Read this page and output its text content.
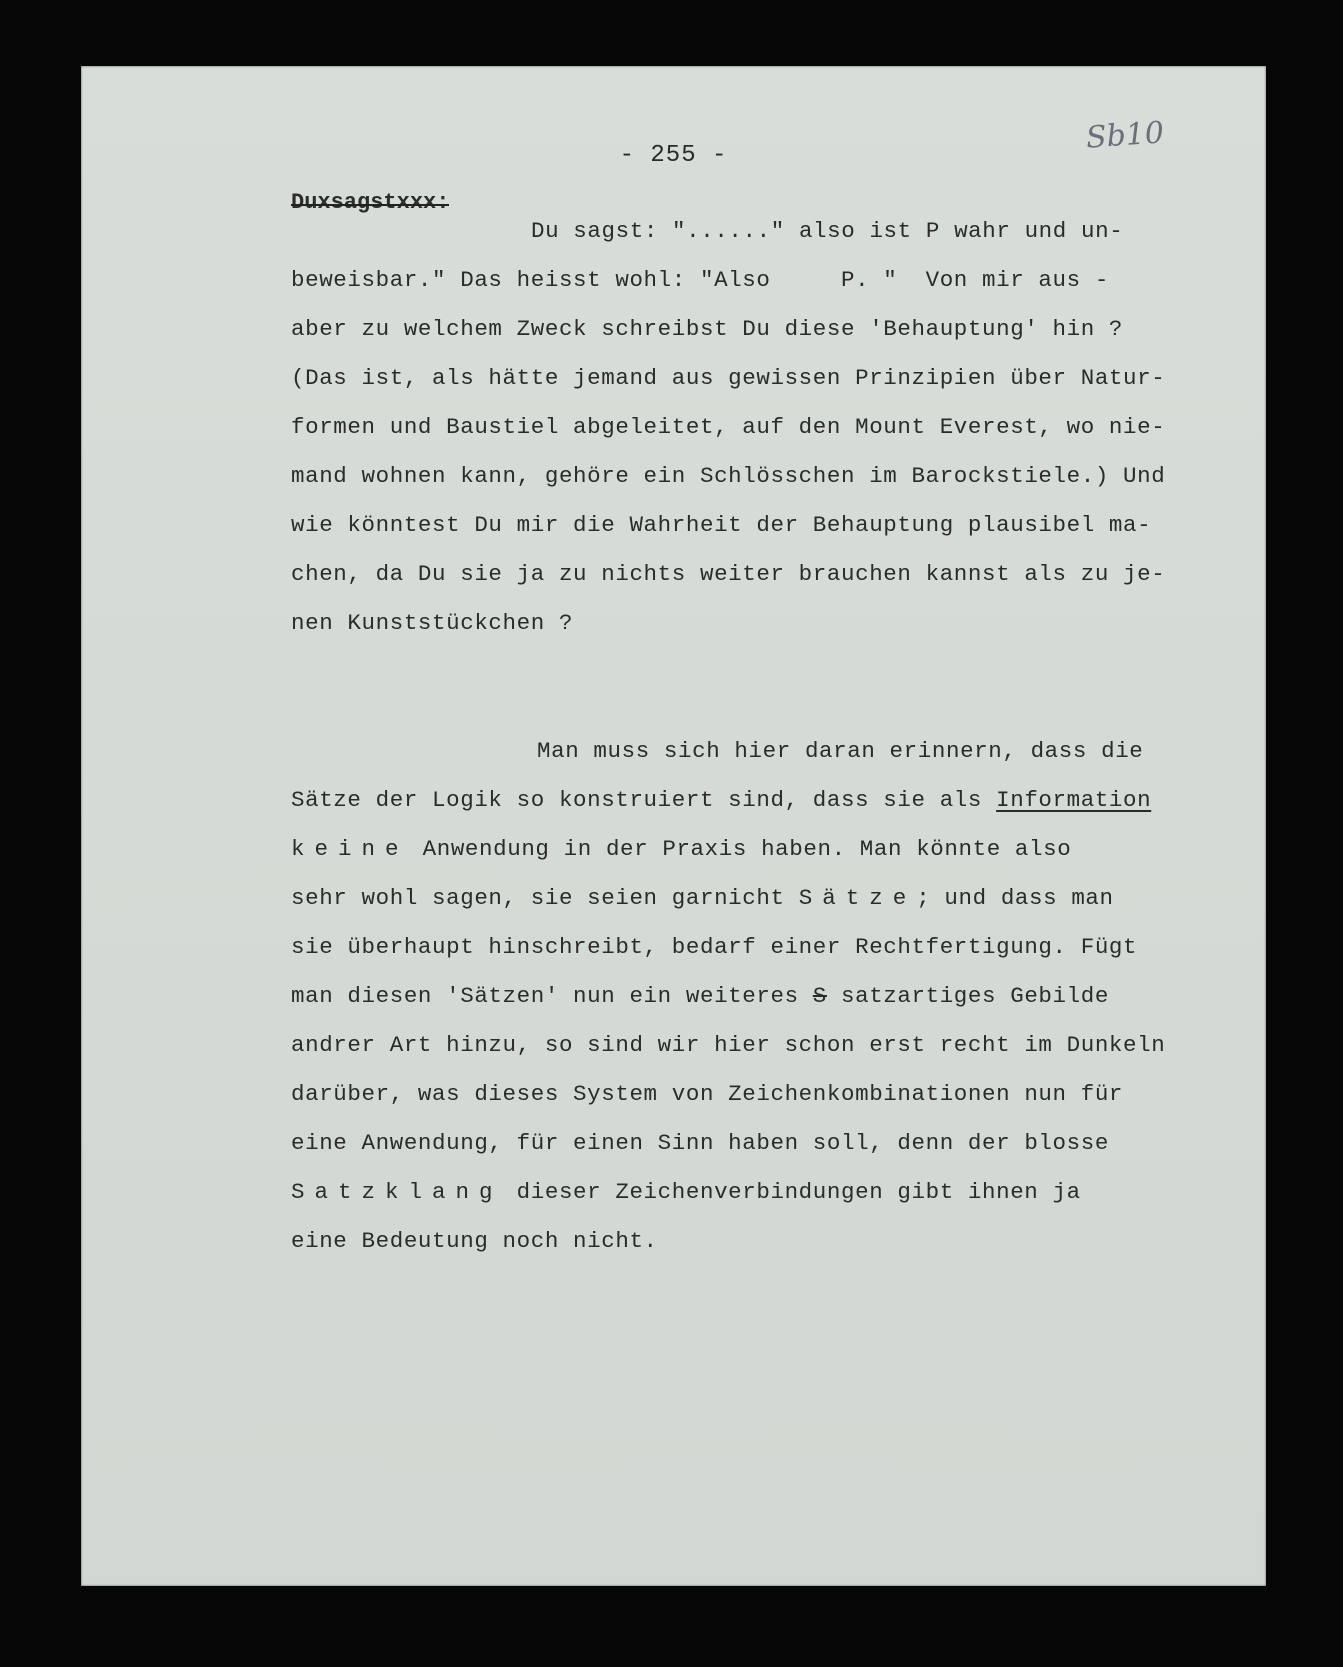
- 255 -	Sb10
Duxsagstxxx:
Du sagst: "......" also ist P wahr und un-
beweisbar." Das heisst wohl: "Also     P. "  Von mir aus -
aber zu welchem Zweck schreibst Du diese 'Behauptung' hin ?
(Das ist, als hätte jemand aus gewissen Prinzipien über Natur-
formen und Baustiel abgeleitet, auf den Mount Everest, wo nie-
mand wohnen kann, gehöre ein Schlösschen im Barockstiele.) Und
wie könntest Du mir die Wahrheit der Behauptung plausibel ma-
chen, da Du sie ja zu nichts weiter brauchen kannst als zu je-
nen Kunststückchen ?
Man muss sich hier daran erinnern, dass die
Sätze der Logik so konstruiert sind, dass sie als Information
keine Anwendung in der Praxis haben. Man könnte also
sehr wohl sagen, sie seien garnicht Sätze; und dass man
sie überhaupt hinschreibt, bedarf einer Rechtfertigung. Fügt
man diesen 'Sätzen' nun ein weiteres S satzartiges Gebilde
andrer Art hinzu, so sind wir hier schon erst recht im Dunkeln
darüber, was dieses System von Zeichenkombinationen nun für
eine Anwendung, für einen Sinn haben soll, denn der blosse
Satzklang dieser Zeichenverbindungen gibt ihnen ja
eine Bedeutung noch nicht.
